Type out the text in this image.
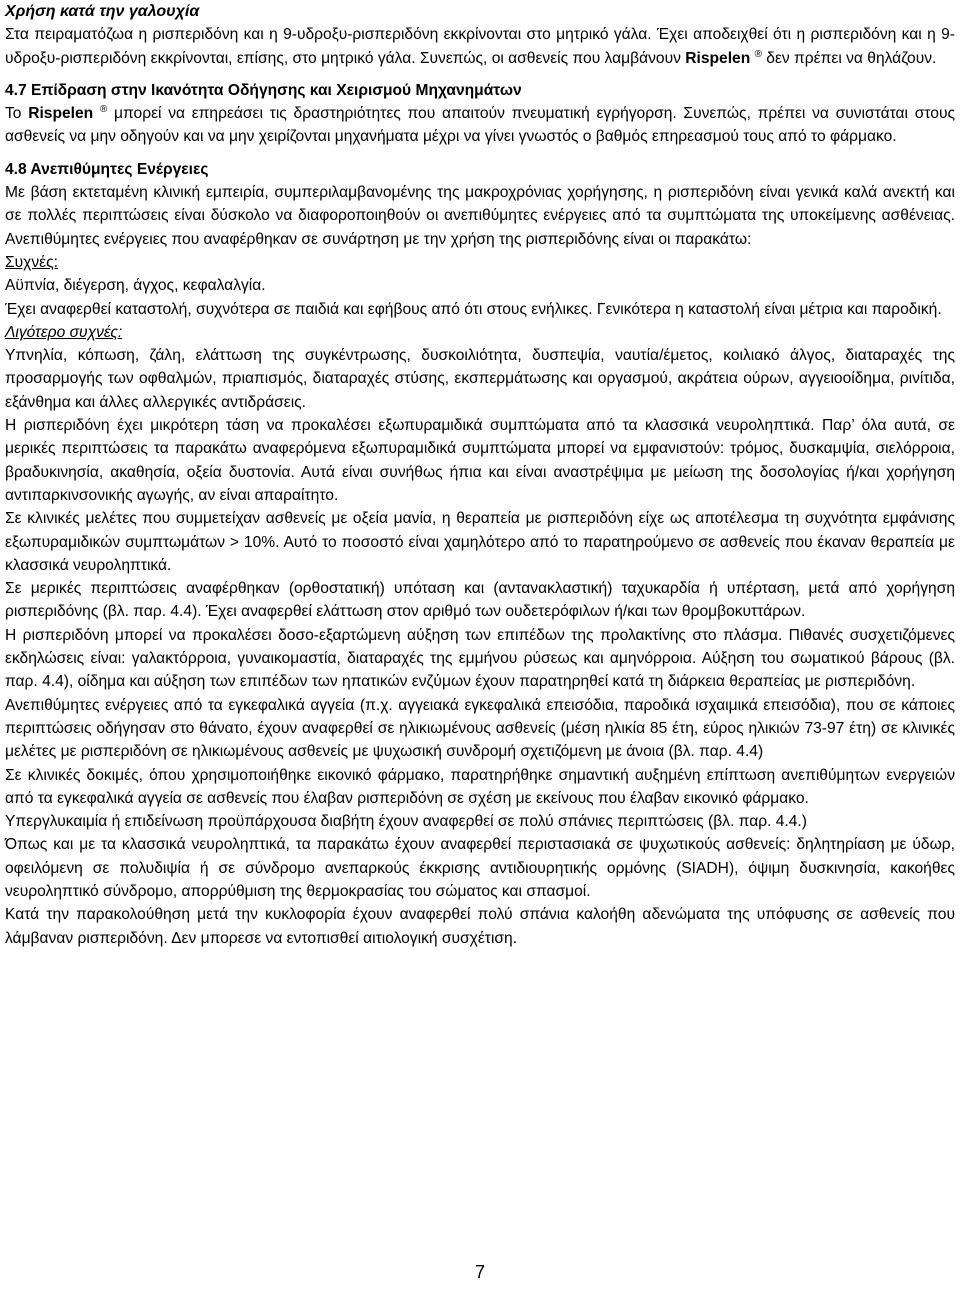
Χρήση κατά την γαλουχία

Στα πειραματόζωα η ρισπεριδόνη και η 9-υδροξυ-ρισπεριδόνη εκκρίνονται στο μητρικό γάλα. Έχει αποδειχθεί ότι η ρισπεριδόνη και η 9-υδροξυ-ρισπεριδόνη εκκρίνονται, επίσης, στο μητρικό γάλα. Συνεπώς, οι ασθενείς που λαμβάνουν Rispelen ® δεν πρέπει να θηλάζουν.

4.7 Επίδραση στην Ικανότητα Οδήγησης και Χειρισμού Μηχανημάτων

Το Rispelen ® μπορεί να επηρεάσει τις δραστηριότητες που απαιτούν πνευματική εγρήγορση. Συνεπώς, πρέπει να συνιστάται στους ασθενείς να μην οδηγούν και να μην χειρίζονται μηχανήματα μέχρι να γίνει γνωστός ο βαθμός επηρεασμού τους από το φάρμακο.

4.8 Ανεπιθύμητες Ενέργειες

Με βάση εκτεταμένη κλινική εμπειρία, συμπεριλαμβανομένης της μακροχρόνιας χορήγησης, η ρισπεριδόνη είναι γενικά καλά ανεκτή και σε πολλές περιπτώσεις είναι δύσκολο να διαφοροποιηθούν οι ανεπιθύμητες ενέργειες από τα συμπτώματα της υποκείμενης ασθένειας. Ανεπιθύμητες ενέργειες που αναφέρθηκαν σε συνάρτηση με την χρήση της ρισπεριδόνης είναι οι παρακάτω:

Συχνές:

Αϋπνία, διέγερση, άγχος, κεφαλαλγία.

Έχει αναφερθεί καταστολή, συχνότερα σε παιδιά και εφήβους από ότι στους ενήλικες. Γενικότερα η καταστολή είναι μέτρια και παροδική.

Λιγότερο συχνές:

Υπνηλία, κόπωση, ζάλη, ελάττωση της συγκέντρωσης, δυσκοιλιότητα, δυσπεψία, ναυτία/έμετος, κοιλιακό άλγος, διαταραχές της προσαρμογής των οφθαλμών, πριαπισμός, διαταραχές στύσης, εκσπερμάτωσης και οργασμού, ακράτεια ούρων, αγγειοοίδημα, ρινίτιδα, εξάνθημα και άλλες αλλεργικές αντιδράσεις.

Η ρισπεριδόνη έχει μικρότερη τάση να προκαλέσει εξωπυραμιδικά συμπτώματα από τα κλασσικά νευροληπτικά. Παρ’ όλα αυτά, σε μερικές περιπτώσεις τα παρακάτω αναφερόμενα εξωπυραμιδικά συμπτώματα μπορεί να εμφανιστούν: τρόμος, δυσκαμψία, σιελόρροια, βραδυκινησία, ακαθησία, οξεία δυστονία. Αυτά είναι συνήθως ήπια και είναι αναστρέψιμα με μείωση της δοσολογίας ή/και χορήγηση αντιπαρκινσονικής αγωγής, αν είναι απαραίτητο.

Σε κλινικές μελέτες που συμμετείχαν ασθενείς με οξεία μανία, η θεραπεία με ρισπεριδόνη είχε ως αποτέλεσμα τη συχνότητα εμφάνισης εξωπυραμιδικών συμπτωμάτων > 10%. Αυτό το ποσοστό είναι χαμηλότερο από το παρατηρούμενο σε ασθενείς που έκαναν θεραπεία με κλασσικά νευροληπτικά.

Σε μερικές περιπτώσεις αναφέρθηκαν (ορθοστατική) υπόταση και (αντανακλαστική) ταχυκαρδία ή υπέρταση, μετά από χορήγηση ρισπεριδόνης (βλ. παρ. 4.4). Έχει αναφερθεί ελάττωση στον αριθμό των ουδετερόφιλων ή/και των θρομβοκυττάρων.

Η ρισπεριδόνη μπορεί να προκαλέσει δοσο-εξαρτώμενη αύξηση των επιπέδων της προλακτίνης στο πλάσμα. Πιθανές συσχετιζόμενες εκδηλώσεις είναι: γαλακτόρροια, γυναικομαστία, διαταραχές της εμμήνου ρύσεως και αμηνόρροια. Αύξηση του σωματικού βάρους (βλ. παρ. 4.4), οίδημα και αύξηση των επιπέδων των ηπατικών ενζύμων έχουν παρατηρηθεί κατά τη διάρκεια θεραπείας με ρισπεριδόνη.

Ανεπιθύμητες ενέργειες από τα εγκεφαλικά αγγεία (π.χ. αγγειακά εγκεφαλικά επεισόδια, παροδικά ισχαιμικά επεισόδια), που σε κάποιες περιπτώσεις οδήγησαν στο θάνατο, έχουν αναφερθεί σε ηλικιωμένους ασθενείς (μέση ηλικία 85 έτη, εύρος ηλικιών 73-97 έτη) σε κλινικές μελέτες με ρισπεριδόνη σε ηλικιωμένους ασθενείς με ψυχωσική συνδρομή σχετιζόμενη με άνοια (βλ. παρ. 4.4)

Σε κλινικές δοκιμές, όπου χρησιμοποιήθηκε εικονικό φάρμακο, παρατηρήθηκε σημαντική αυξημένη επίπτωση ανεπιθύμητων ενεργειών από τα εγκεφαλικά αγγεία σε ασθενείς που έλαβαν ρισπεριδόνη σε σχέση με εκείνους που έλαβαν εικονικό φάρμακο.

Υπεργλυκαιμία ή επιδείνωση προϋπάρχουσα διαβήτη έχουν αναφερθεί σε πολύ σπάνιες περιπτώσεις (βλ. παρ. 4.4.)

Όπως και με τα κλασσικά νευροληπτικά, τα παρακάτω έχουν αναφερθεί περιστασιακά σε ψυχωτικούς ασθενείς: δηλητηρίαση με ύδωρ, οφειλόμενη σε πολυδιψία ή σε σύνδρομο ανεπαρκούς έκκρισης αντιδιουρητικής ορμόνης (SIADH), όψιμη δυσκινησία, κακοήθες νευροληπτικό σύνδρομο, απορρύθμιση της θερμοκρασίας του σώματος και σπασμοί.

Κατά την παρακολούθηση μετά την κυκλοφορία έχουν αναφερθεί πολύ σπάνια καλοήθη αδενώματα της υπόφυσης σε ασθενείς που λάμβαναν ρισπεριδόνη. Δεν μπορεσε να εντοπισθεί αιτιολογική συσχέτιση.

7
